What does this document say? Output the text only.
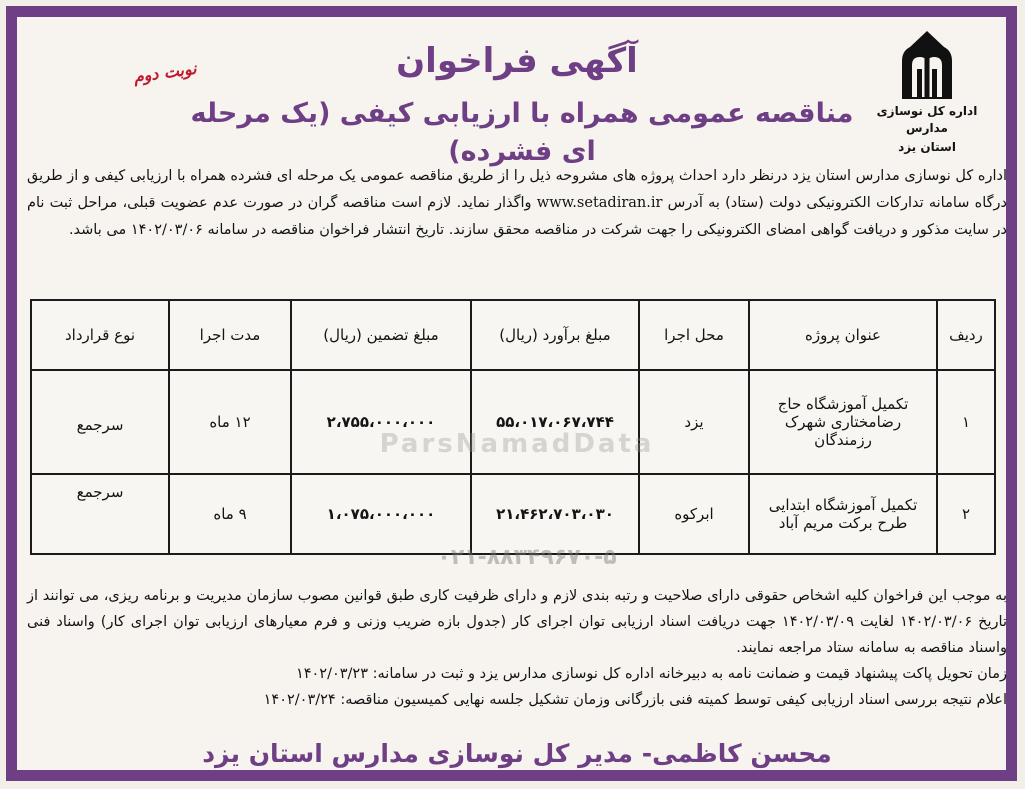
اداره کل نوسازی مدارس
استان یزد
آگهی فراخوان
نوبت دوم
مناقصه عمومی همراه با ارزیابی کیفی (یک مرحله ای فشرده)
اداره کل نوسازی مدارس استان یزد درنظر دارد احداث پروژه های مشروحه ذیل را از طریق مناقصه عمومی یک مرحله ای فشرده همراه با ارزیابی کیفی و از طریق درگاه سامانه تدارکات الکترونیکی دولت (ستاد) به آدرس www.setadiran.ir واگذار نماید. لازم است مناقصه گران در صورت عدم عضویت قبلی، مراحل ثبت نام در سایت مذکور و دریافت گواهی امضای الکترونیکی را جهت شرکت در مناقصه محقق سازند. تاریخ انتشار فراخوان مناقصه در سامانه ۱۴۰۲/۰۳/۰۶ می باشد.
ردیف	عنوان پروژه	محل اجرا	مبلغ برآورد (ریال)	مبلغ تضمین (ریال)	مدت اجرا	نوع قرارداد
۱	تکمیل آموزشگاه حاج رضامختاری شهرک رزمندگان	یزد	۵۵،۰۱۷،۰۶۷،۷۴۴	۲،۷۵۵،۰۰۰،۰۰۰	۱۲ ماه	سرجمع
۲	تکمیل آموزشگاه ابتدایی طرح برکت مریم آباد	ابرکوه	۲۱،۴۶۲،۷۰۳،۰۳۰	۱،۰۷۵،۰۰۰،۰۰۰	۹ ماه	سرجمع
ParsNamadData
۰۲۱-۸۸۳۴۹۶۷۰-۵

به موجب این فراخوان کلیه اشخاص حقوقی دارای صلاحیت و رتبه بندی لازم و دارای ظرفیت کاری طبق قوانین مصوب سازمان مدیریت و برنامه ریزی، می توانند از تاریخ ۱۴۰۲/۰۳/۰۶ لغایت ۱۴۰۲/۰۳/۰۹ جهت دریافت اسناد ارزیابی توان اجرای کار (جدول بازه ضریب وزنی و فرم معیارهای ارزیابی توان اجرای کار) واسناد فنی واسناد مناقصه به سامانه ستاد مراجعه نمایند.

زمان تحویل پاکت پیشنهاد قیمت و ضمانت نامه به دبیرخانه اداره کل نوسازی مدارس یزد و ثبت در سامانه: ۱۴۰۲/۰۳/۲۳

اعلام نتیجه بررسی اسناد ارزیابی کیفی توسط کمیته فنی بازرگانی وزمان تشکیل جلسه نهایی کمیسیون مناقصه: ۱۴۰۲/۰۳/۲۴

محسن کاظمی- مدیر کل نوسازی مدارس استان یزد
